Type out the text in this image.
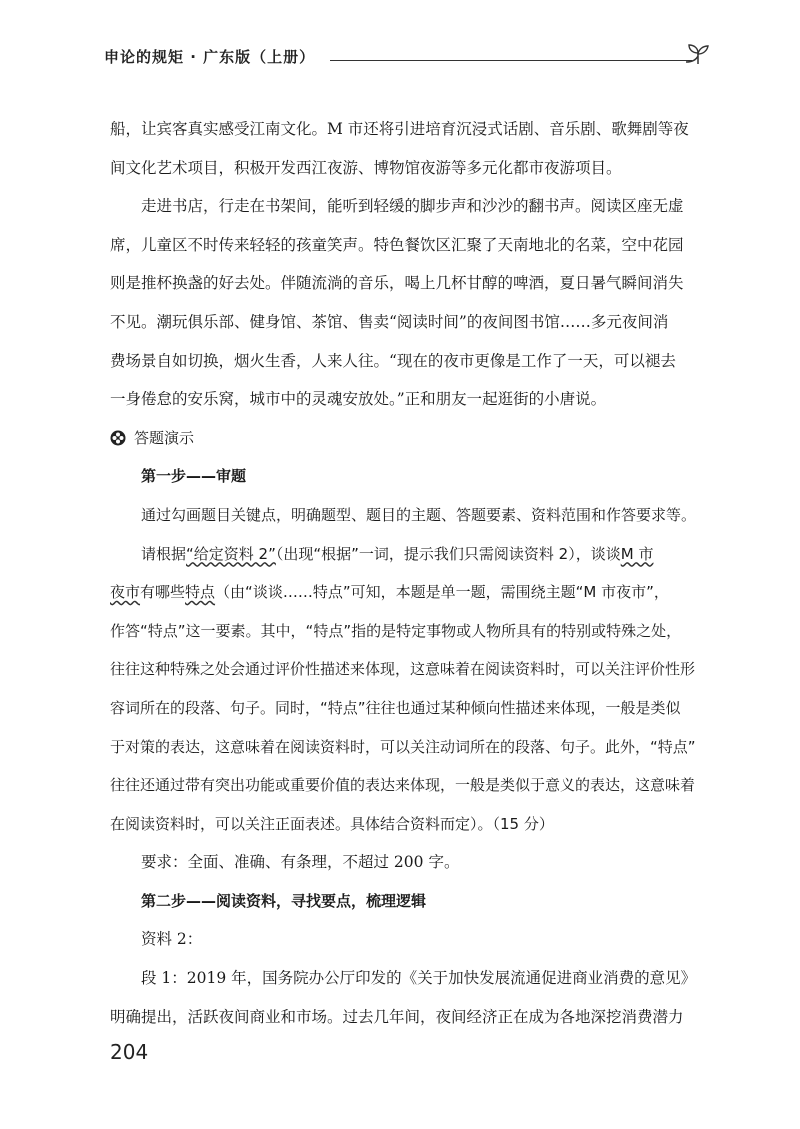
申论的规矩 · 广东版（上册）
船，让宾客真实感受江南文化。M 市还将引进培育沉浸式话剧、音乐剧、歌舞剧等夜
间文化艺术项目，积极开发西江夜游、博物馆夜游等多元化都市夜游项目。
走进书店，行走在书架间，能听到轻缓的脚步声和沙沙的翻书声。阅读区座无虚
席，儿童区不时传来轻轻的孩童笑声。特色餐饮区汇聚了天南地北的名菜，空中花园
则是推杯换盏的好去处。伴随流淌的音乐，喝上几杯甘醇的啤酒，夏日暑气瞬间消失
不见。潮玩俱乐部、健身馆、茶馆、售卖“阅读时间”的夜间图书馆……多元夜间消
费场景自如切换，烟火生香，人来人往。“现在的夜市更像是工作了一天，可以褪去
一身倦怠的安乐窝，城市中的灵魂安放处。”正和朋友一起逛街的小唐说。
答题演示
第一步——审题
通过勾画题目关键点，明确题型、题目的主题、答题要素、资料范围和作答要求等。
请根据“给定资料 2”（出现“根据”一词，提示我们只需阅读资料 2），谈谈M 市
夜市有哪些特点（由“谈谈……特点”可知，本题是单一题，需围绕主题“M 市夜市”，
作答“特点”这一要素。其中，“特点”指的是特定事物或人物所具有的特别或特殊之处，
往往这种特殊之处会通过评价性描述来体现，这意味着在阅读资料时，可以关注评价性形
容词所在的段落、句子。同时，“特点”往往也通过某种倾向性描述来体现，一般是类似
于对策的表达，这意味着在阅读资料时，可以关注动词所在的段落、句子。此外，“特点”
往往还通过带有突出功能或重要价值的表达来体现，一般是类似于意义的表达，这意味着
在阅读资料时，可以关注正面表述。具体结合资料而定）。（15 分）
要求：全面、准确、有条理，不超过 200 字。
第二步——阅读资料，寻找要点，梳理逻辑
资料 2：
段 1：2019 年，国务院办公厅印发的《关于加快发展流通促进商业消费的意见》
明确提出，活跃夜间商业和市场。过去几年间，夜间经济正在成为各地深挖消费潜力
204
